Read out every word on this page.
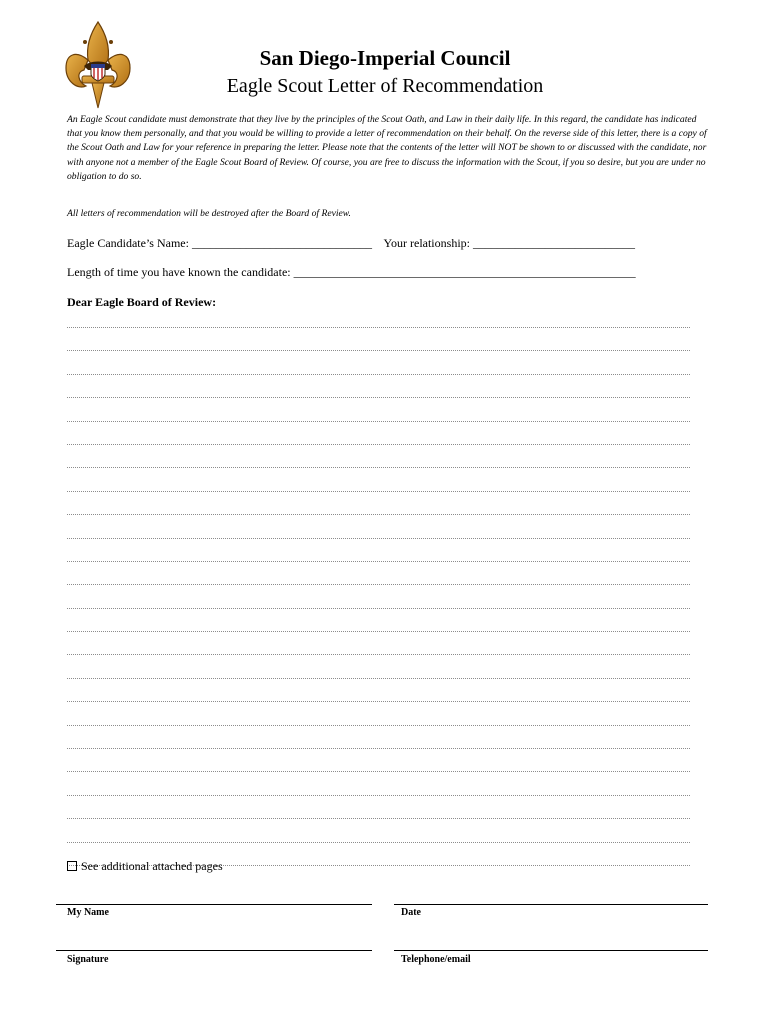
San Diego-Imperial Council
Eagle Scout Letter of Recommendation
An Eagle Scout candidate must demonstrate that they live by the principles of the Scout Oath, and Law in their daily life. In this regard, the candidate has indicated that you know them personally, and that you would be willing to provide a letter of recommendation on their behalf. On the reverse side of this letter, there is a copy of the Scout Oath and Law for your reference in preparing the letter. Please note that the contents of the letter will NOT be shown to or discussed with the candidate, nor with anyone not a member of the Eagle Scout Board of Review. Of course, you are free to discuss the information with the Scout, if you so desire, but you are under no obligation to do so.
All letters of recommendation will be destroyed after the Board of Review.
Eagle Candidate’s Name: ______________________________ Your relationship: ___________________________
Length of time you have known the candidate: _________________________________________________________
Dear Eagle Board of Review:
See additional attached pages
My Name	Date
Signature	Telephone/email
